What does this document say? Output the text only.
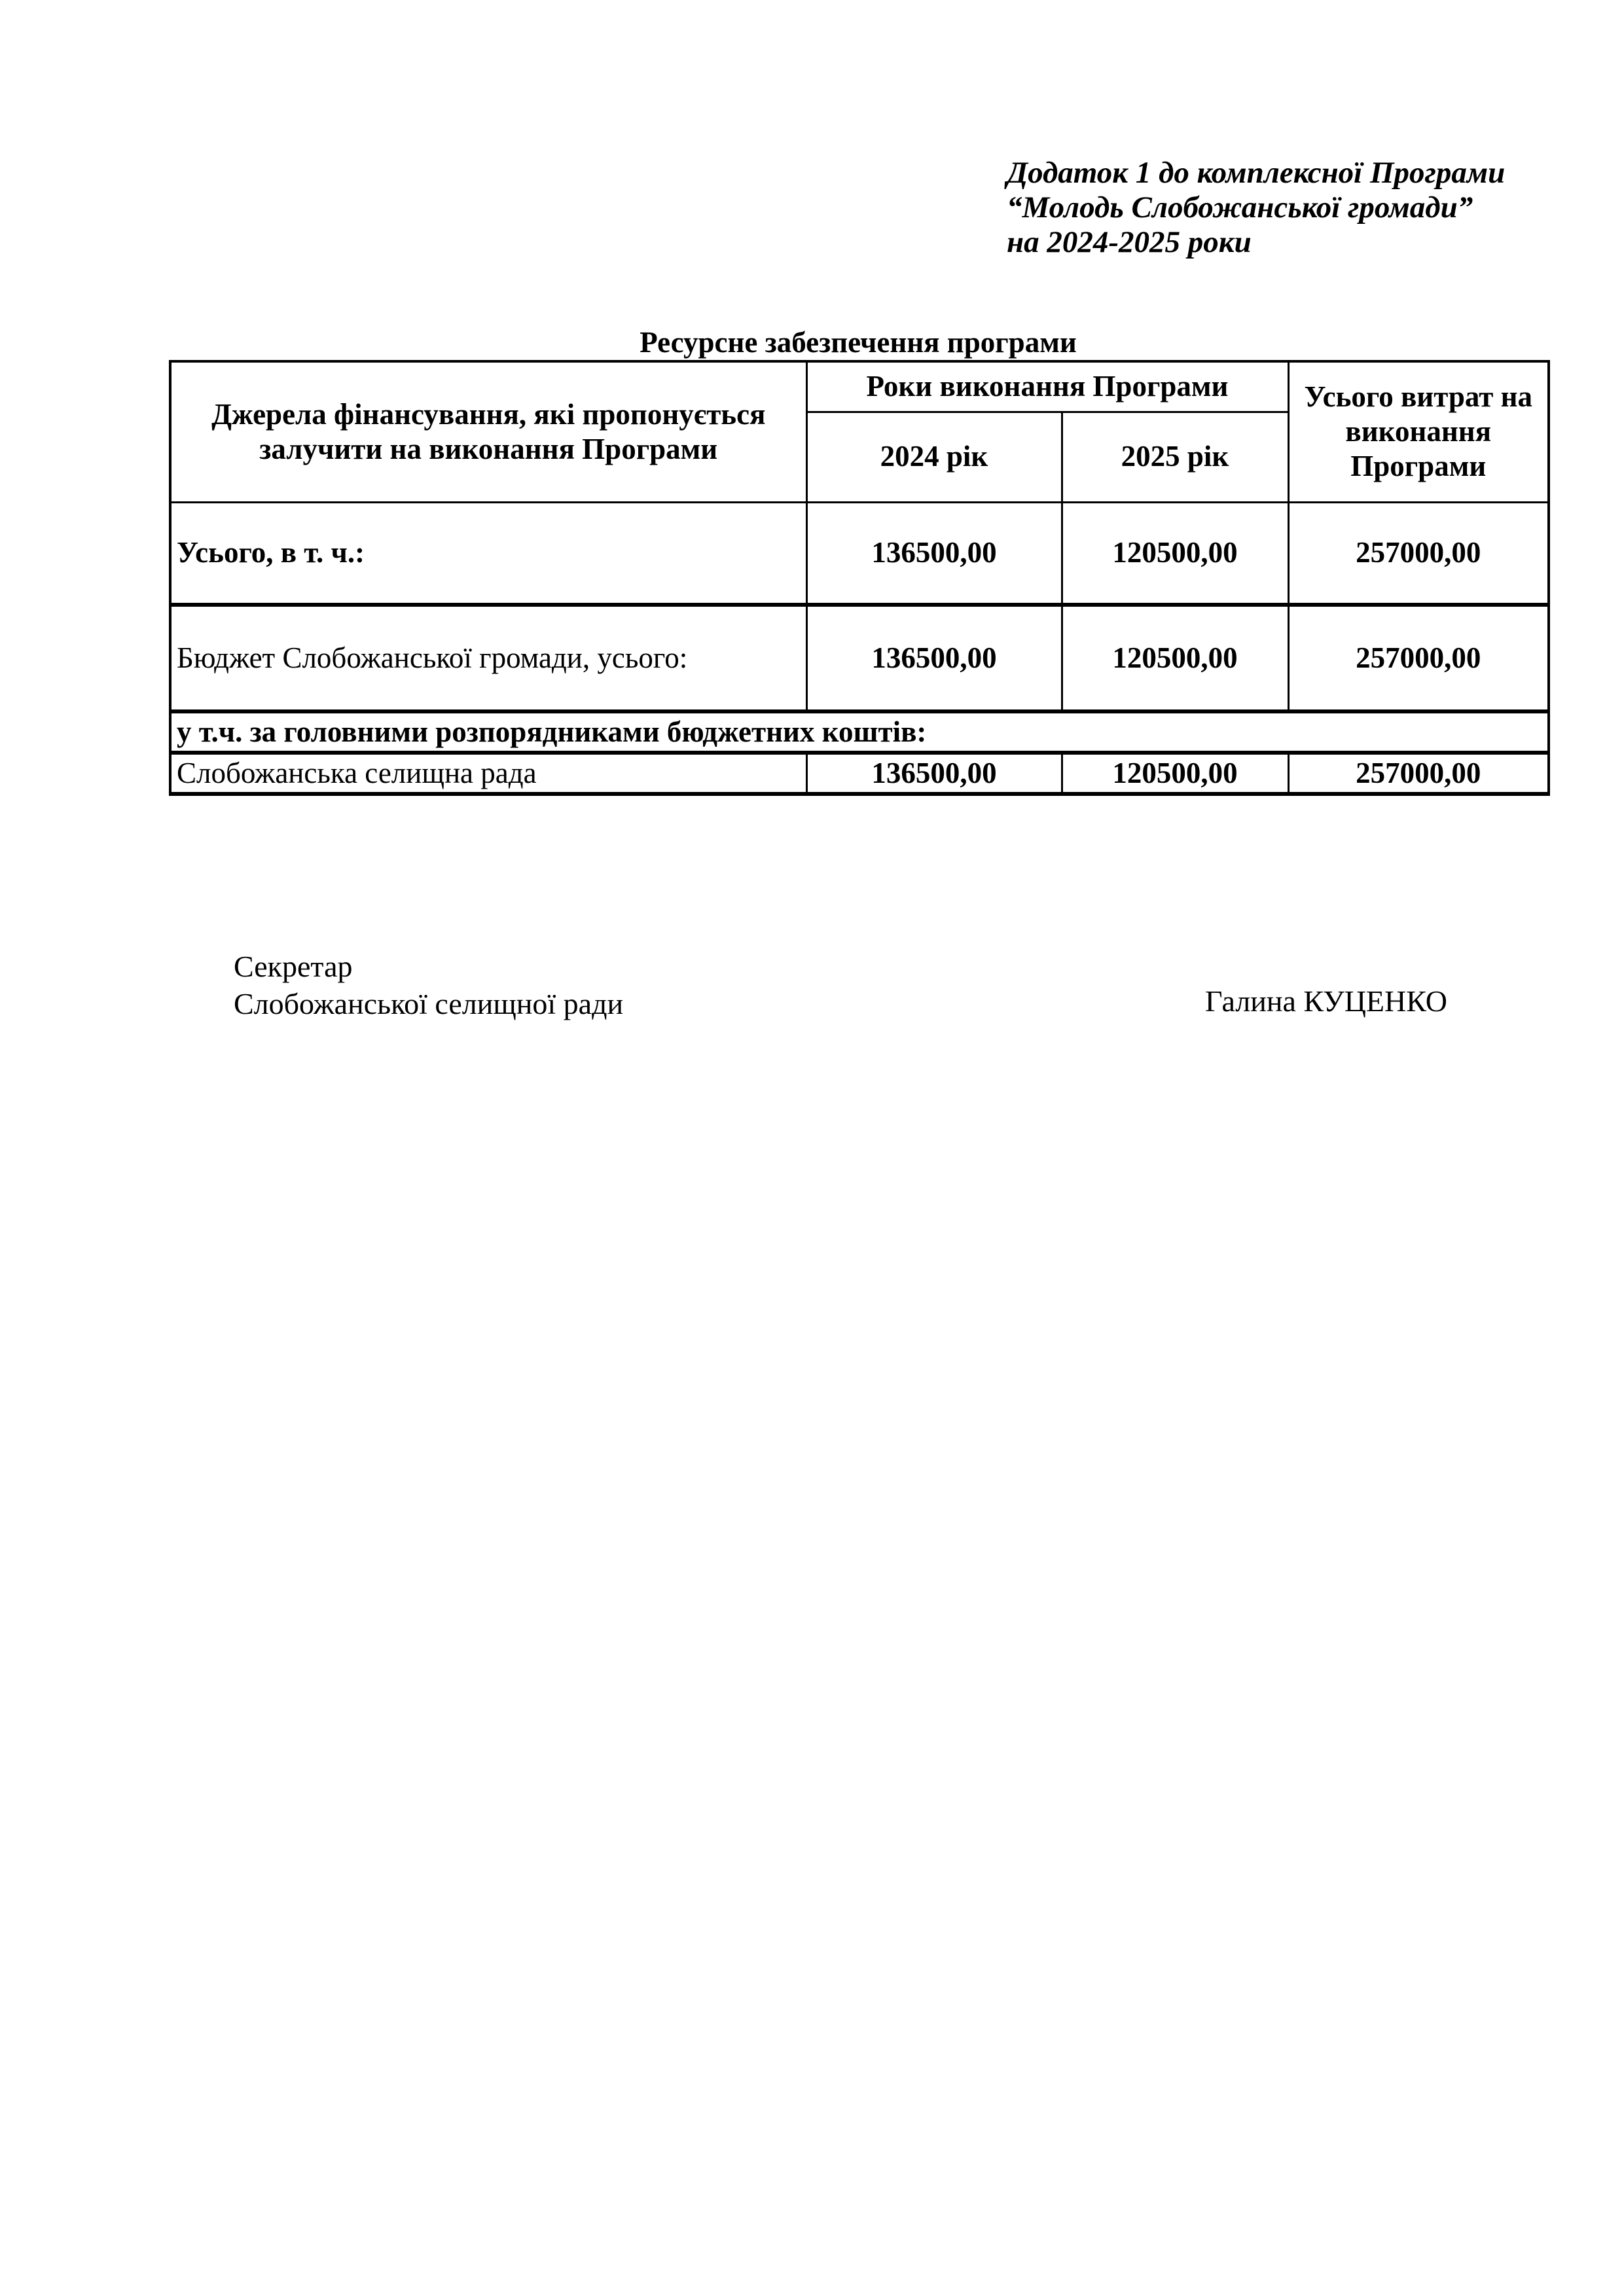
Додаток 1 до комплексної Програми
“Молодь Слобожанської громади”
на 2024-2025 роки
Ресурсне забезпечення програми
Джерела фінансування, які пропонується залучити на виконання Програми	Роки виконання Програми		Усього витрат на виконання Програми
	2024 рік	2025 рік	
Усього, в т. ч.:	136500,00	120500,00	257000,00
Бюджет Слобожанської громади, усього:	136500,00	120500,00	257000,00
у т.ч. за головними розпорядниками бюджетних коштів:			
Слобожанська селищна рада	136500,00	120500,00	257000,00
Секретар
Слобожанської селищної ради	Галина КУЦЕНКО
